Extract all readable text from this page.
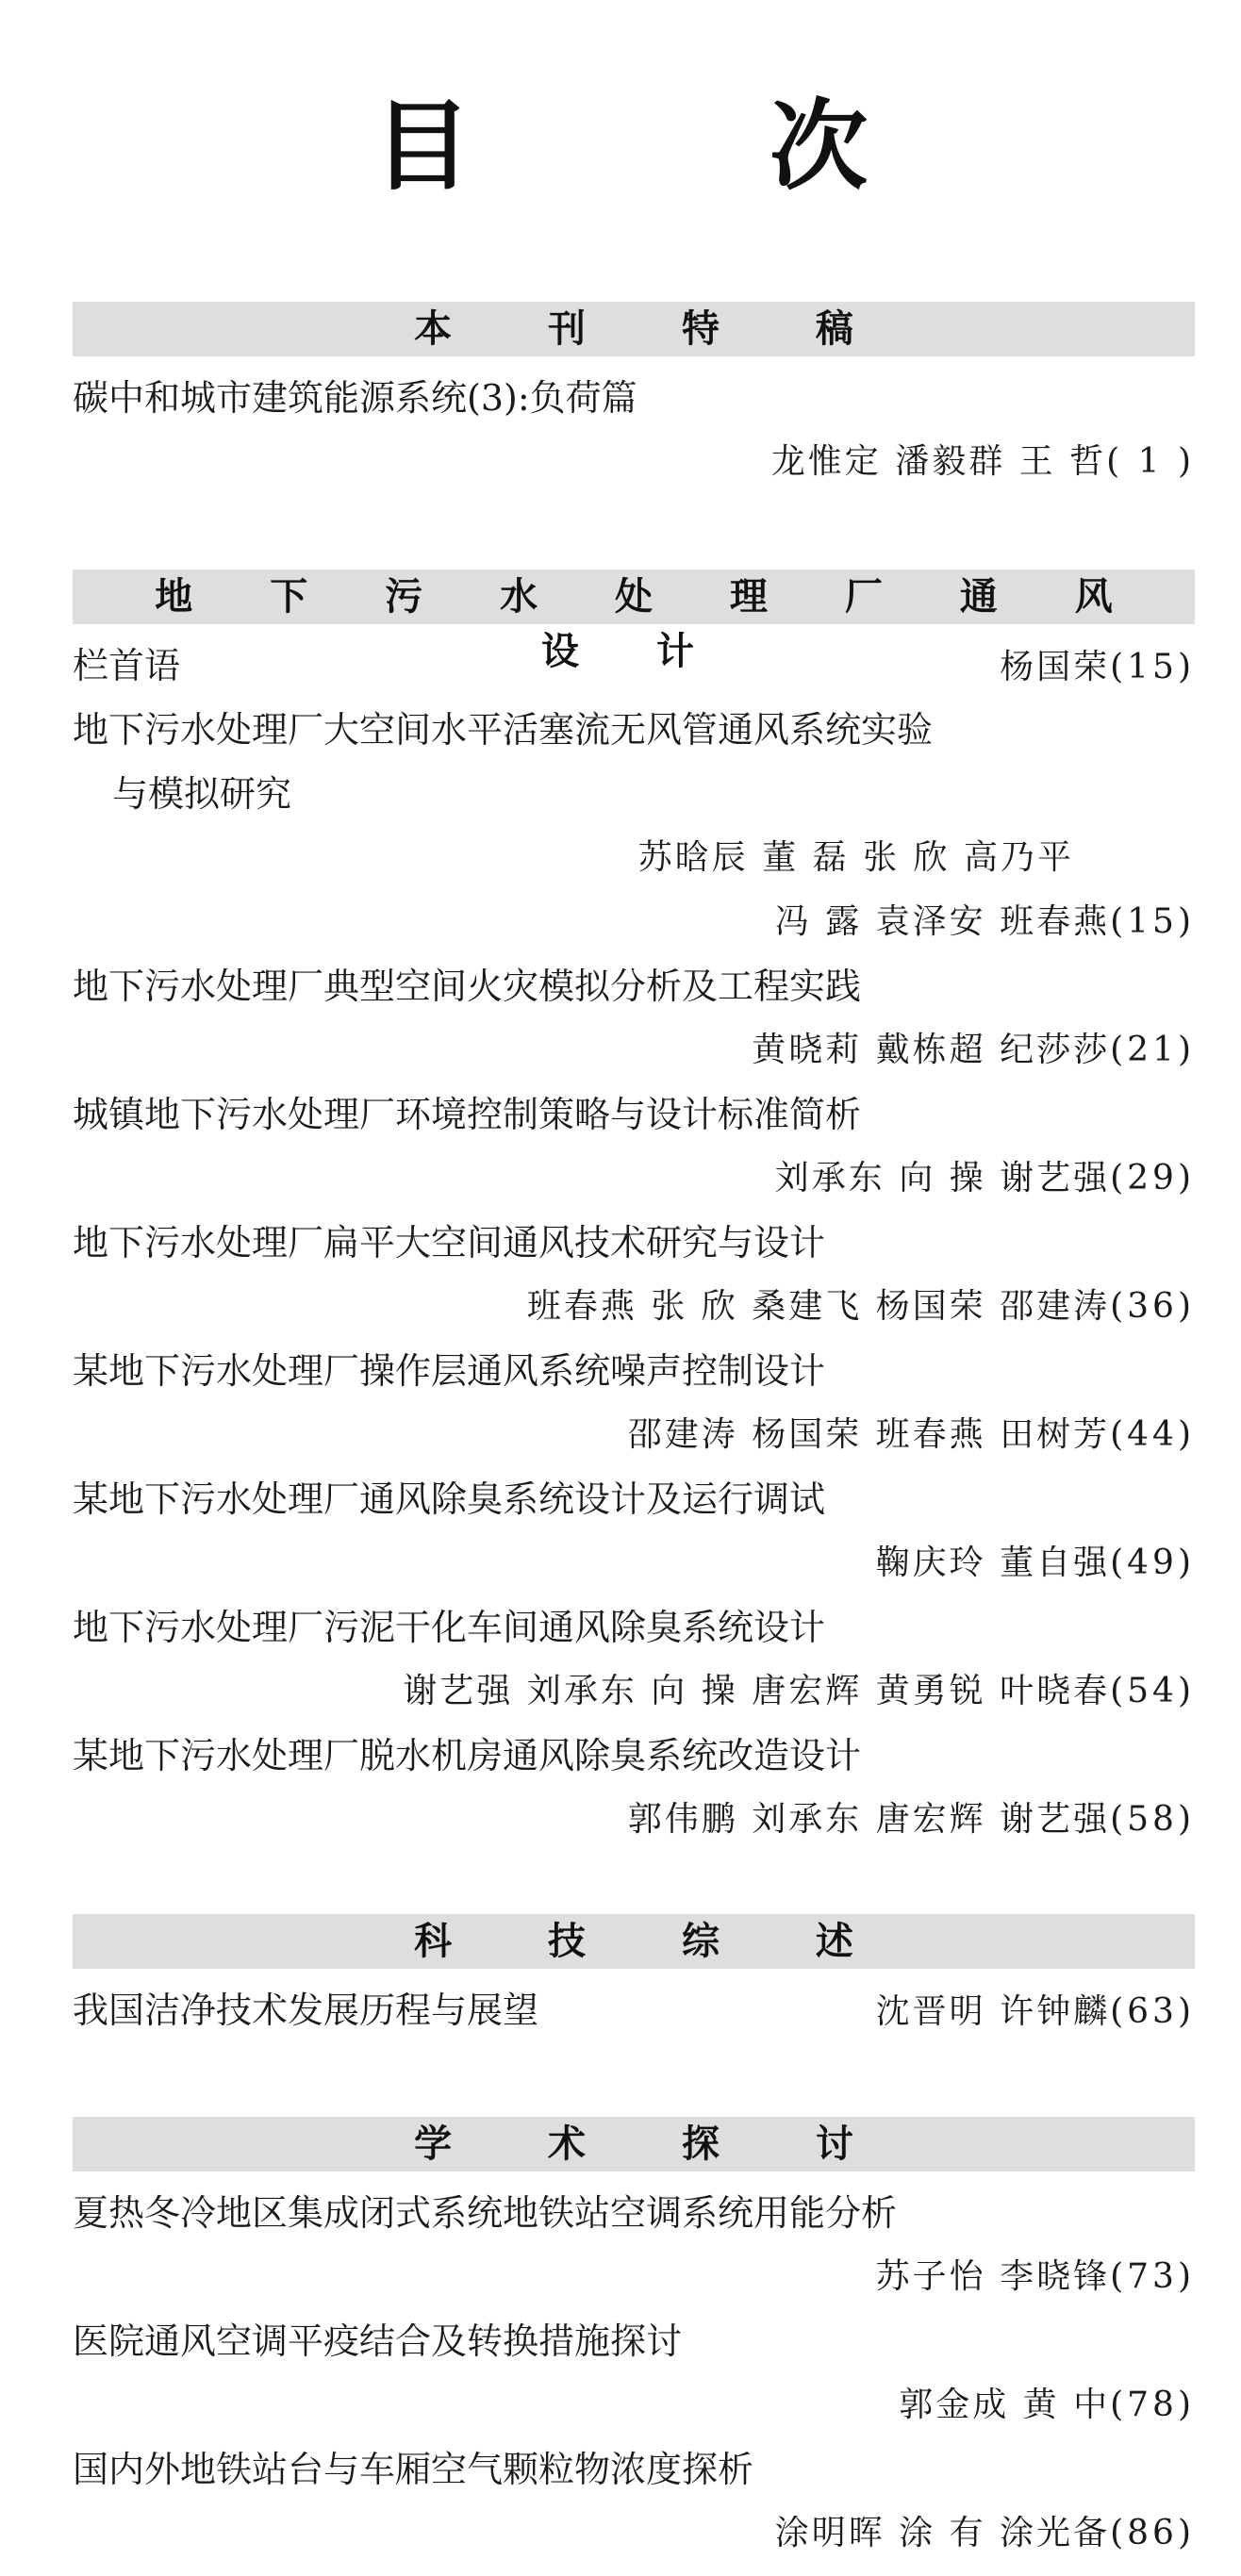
目 次
本 刊 特 稿
碳中和城市建筑能源系统(3):负荷篇
龙惟定 潘毅群 王 哲( 1 )
地 下 污 水 处 理 厂 通 风 设 计
栏首语	杨国荣(15)
地下污水处理厂大空间水平活塞流无风管通风系统实验
与模拟研究
苏晗辰 董 磊 张 欣 高乃平
冯 露 袁泽安 班春燕(15)
地下污水处理厂典型空间火灾模拟分析及工程实践
黄晓莉 戴栋超 纪莎莎(21)
城镇地下污水处理厂环境控制策略与设计标准简析
刘承东 向 操 谢艺强(29)
地下污水处理厂扁平大空间通风技术研究与设计
班春燕 张 欣 桑建飞 杨国荣 邵建涛(36)
某地下污水处理厂操作层通风系统噪声控制设计
邵建涛 杨国荣 班春燕 田树芳(44)
某地下污水处理厂通风除臭系统设计及运行调试
鞠庆玲 董自强(49)
地下污水处理厂污泥干化车间通风除臭系统设计
谢艺强 刘承东 向 操 唐宏辉 黄勇锐 叶晓春(54)
某地下污水处理厂脱水机房通风除臭系统改造设计
郭伟鹏 刘承东 唐宏辉 谢艺强(58)
科 技 综 述
我国洁净技术发展历程与展望	沈晋明 许钟麟(63)
学 术 探 讨
夏热冬冷地区集成闭式系统地铁站空调系统用能分析
苏子怡 李晓锋(73)
医院通风空调平疫结合及转换措施探讨
郭金成 黄 中(78)
国内外地铁站台与车厢空气颗粒物浓度探析
涂明晖 涂 有 涂光备(86)
